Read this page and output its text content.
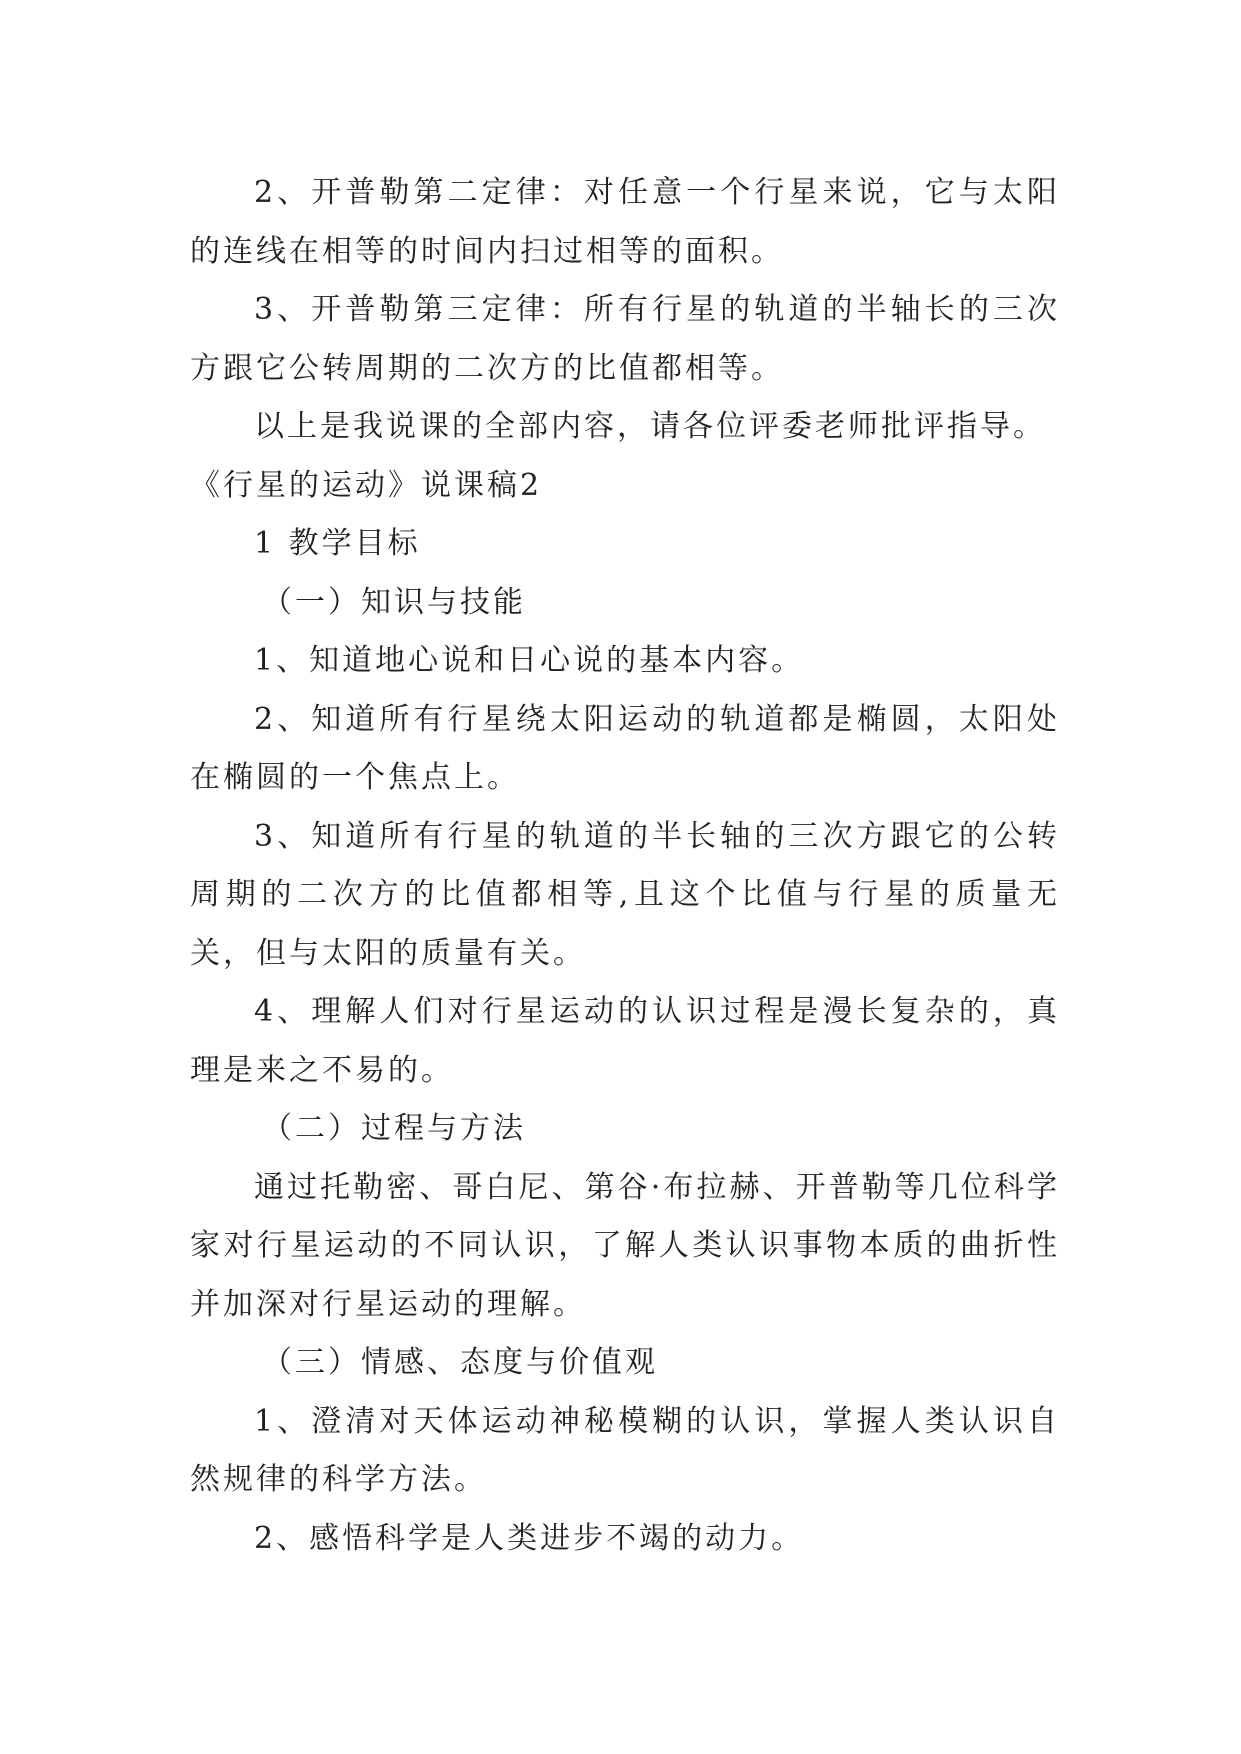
2、开普勒第二定律：对任意一个行星来说，它与太阳的连线在相等的时间内扫过相等的面积。

3、开普勒第三定律：所有行星的轨道的半轴长的三次方跟它公转周期的二次方的比值都相等。

以上是我说课的全部内容，请各位评委老师批评指导。

《行星的运动》说课稿2

1 教学目标

（一）知识与技能

1、知道地心说和日心说的基本内容。

2、知道所有行星绕太阳运动的轨道都是椭圆，太阳处在椭圆的一个焦点上。

3、知道所有行星的轨道的半长轴的三次方跟它的公转周期的二次方的比值都相等,且这个比值与行星的质量无关，但与太阳的质量有关。

4、理解人们对行星运动的认识过程是漫长复杂的，真理是来之不易的。

（二）过程与方法

通过托勒密、哥白尼、第谷·布拉赫、开普勒等几位科学家对行星运动的不同认识，了解人类认识事物本质的曲折性并加深对行星运动的理解。

（三）情感、态度与价值观

1、澄清对天体运动神秘模糊的认识，掌握人类认识自然规律的科学方法。

2、感悟科学是人类进步不竭的动力。
